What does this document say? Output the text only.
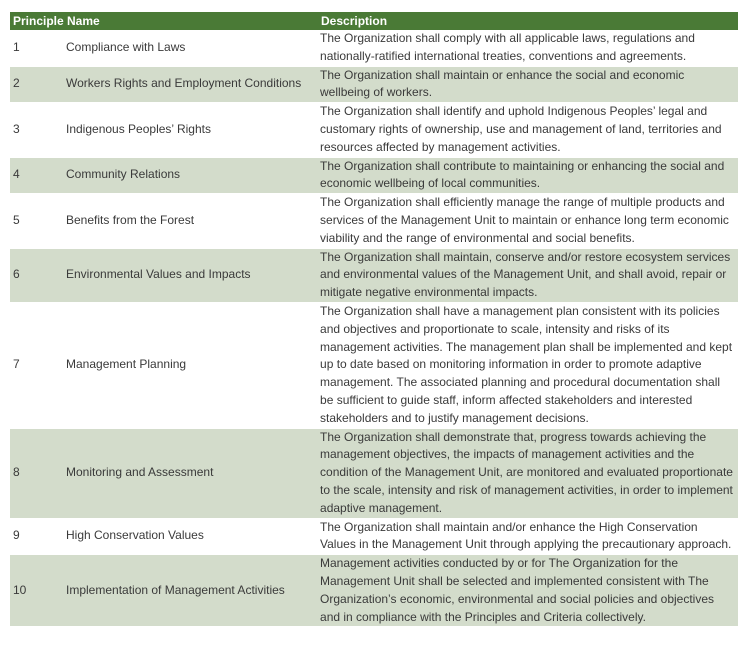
Principle Name		Description
1	Compliance with Laws	The Organization shall comply with all applicable laws, regulations and nationally-ratified international treaties, conventions and agreements.
2	Workers Rights and Employment Conditions	The Organization shall maintain or enhance the social and economic wellbeing of workers.
3	Indigenous Peoples’ Rights	The Organization shall identify and uphold Indigenous Peoples’ legal and customary rights of ownership, use and management of land, territories and resources affected by management activities.
4	Community Relations	The Organization shall contribute to maintaining or enhancing the social and economic wellbeing of local communities.
5	Benefits from the Forest	The Organization shall efficiently manage the range of multiple products and services of the Management Unit to maintain or enhance long term economic viability and the range of environmental and social benefits.
6	Environmental Values and Impacts	The Organization shall maintain, conserve and/or restore ecosystem services and environmental values of the Management Unit, and shall avoid, repair or mitigate negative environmental impacts.
7	Management Planning	The Organization shall have a management plan consistent with its policies and objectives and proportionate to scale, intensity and risks of its management activities. The management plan shall be implemented and kept up to date based on monitoring information in order to promote adaptive management. The associated planning and procedural documentation shall be sufficient to guide staff, inform affected stakeholders and interested stakeholders and to justify management decisions.
8	Monitoring and Assessment	The Organization shall demonstrate that, progress towards achieving the management objectives, the impacts of management activities and the condition of the Management Unit, are monitored and evaluated proportionate to the scale, intensity and risk of management activities, in order to implement adaptive management.
9	High Conservation Values	The Organization shall maintain and/or enhance the High Conservation Values in the Management Unit through applying the precautionary approach.
10	Implementation of Management Activities	Management activities conducted by or for The Organization for the Management Unit shall be selected and implemented consistent with The Organization’s economic, environmental and social policies and objectives and in compliance with the Principles and Criteria collectively.
